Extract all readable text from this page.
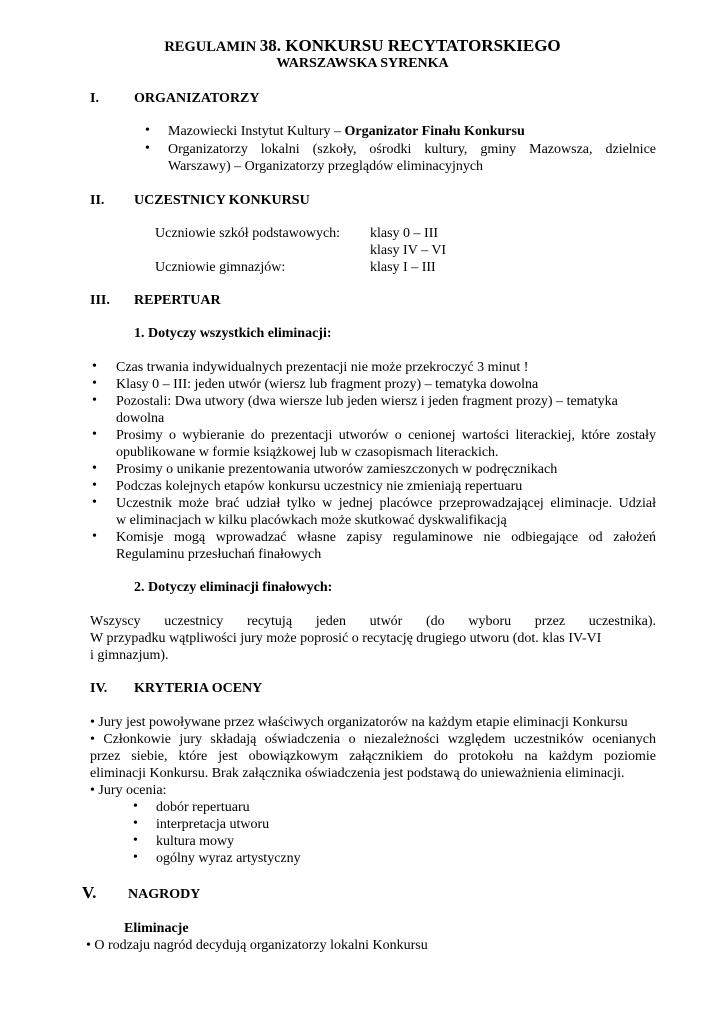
REGULAMIN 38. KONKURSU RECYTATORSKIEGO
WARSZAWSKA SYRENKA
I.	ORGANIZATORZY
• Mazowiecki Instytut Kultury – Organizator Finału Konkursu
• Organizatorzy lokalni (szkoły, ośrodki kultury, gminy Mazowsza, dzielnice
Warszawy) – Organizatorzy przeglądów eliminacyjnych
II. UCZESTNICY KONKURSU
Uczniowie szkół podstawowych: klasy 0 – III
klasy IV – VI
Uczniowie gimnazjów:	klasy I – III
III. REPERTUAR
1. Dotyczy wszystkich eliminacji:
• Czas trwania indywidualnych prezentacji nie może przekroczyć 3 minut !
• Klasy 0 – III: jeden utwór (wiersz lub fragment prozy) – tematyka dowolna
• Pozostali: Dwa utwory (dwa wiersze lub jeden wiersz i jeden fragment prozy) – tematyka
dowolna
• Prosimy o wybieranie do prezentacji utworów o cenionej wartości literackiej, które zostały
opublikowane w formie książkowej lub w czasopismach literackich.
• Prosimy o unikanie prezentowania utworów zamieszczonych w podręcznikach
• Podczas kolejnych etapów konkursu uczestnicy nie zmieniają repertuaru
• Uczestnik może brać udział tylko w jednej placówce przeprowadzającej eliminacje. Udział
w eliminacjach w kilku placówkach może skutkować dyskwalifikacją
• Komisje mogą wprowadzać własne zapisy regulaminowe nie odbiegające od założeń
Regulaminu przesłuchań finałowych
2. Dotyczy eliminacji finałowych:
Wszyscy uczestnicy recytują jeden utwór (do wyboru przez uczestnika).
W przypadku wątpliwości jury może poprosić o recytację drugiego utworu (dot. klas IV-VI
i gimnazjum).
IV. KRYTERIA OCENY
• Jury jest powoływane przez właściwych organizatorów na każdym etapie eliminacji Konkursu
• Członkowie jury składają oświadczenia o niezależności względem uczestników ocenianych
przez siebie, które jest obowiązkowym załącznikiem do protokołu na każdym poziomie
eliminacji Konkursu. Brak załącznika oświadczenia jest podstawą do unieważnienia eliminacji.
• Jury ocenia:
• dobór repertuaru
• interpretacja utworu
• kultura mowy
• ogólny wyraz artystyczny
V. NAGRODY
Eliminacje
• O rodzaju nagród decydują organizatorzy lokalni Konkursu
